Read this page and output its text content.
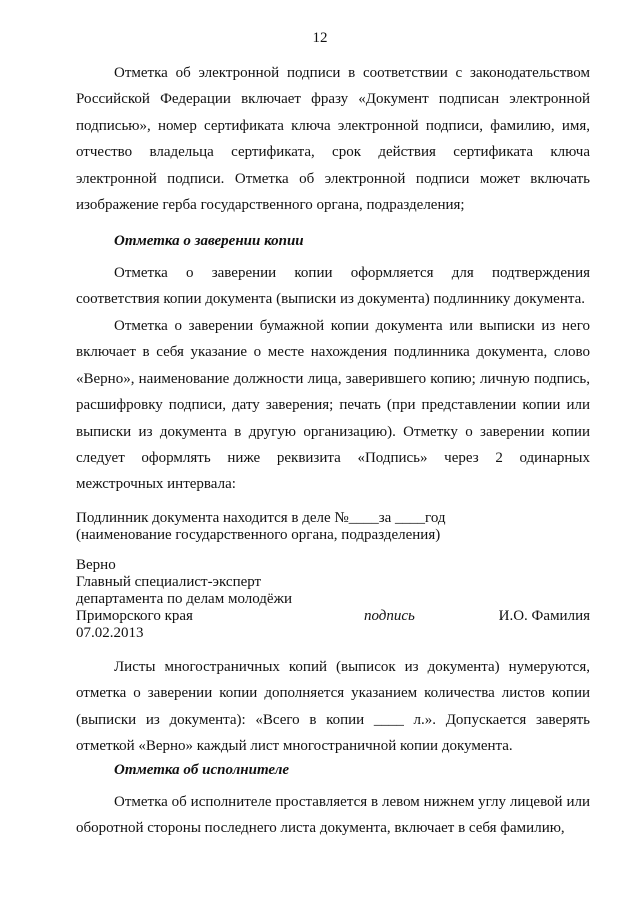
12

Отметка об электронной подписи в соответствии с законодательством Российской Федерации включает фразу «Документ подписан электронной подписью», номер сертификата ключа электронной подписи, фамилию, имя, отчество владельца сертификата, срок действия сертификата ключа электронной подписи. Отметка об электронной подписи может включать изображение герба государственного органа, подразделения;

Отметка о заверении копии

Отметка о заверении копии оформляется для подтверждения соответствия копии документа (выписки из документа) подлиннику документа.

Отметка о заверении бумажной копии документа или выписки из него включает в себя указание о месте нахождения подлинника документа, слово «Верно», наименование должности лица, заверившего копию; личную подпись, расшифровку подписи, дату заверения; печать (при представлении копии или выписки из документа в другую организацию). Отметку о заверении копии следует оформлять ниже реквизита «Подпись» через 2 одинарных межстрочных интервала:

Подлинник документа находится в деле №____за ____год

(наименование государственного органа, подразделения)

Верно

Главный специалист-эксперт

департамента по делам молодёжи

Приморского края	подпись	И.О. Фамилия

07.02.2013

Листы многостраничных копий (выписок из документа) нумеруются, отметка о заверении копии дополняется указанием количества листов копии (выписки из документа): «Всего в копии ____ л.». Допускается заверять отметкой «Верно» каждый лист многостраничной копии документа.

Отметка об исполнителе

Отметка об исполнителе проставляется в левом нижнем углу лицевой или оборотной стороны последнего листа документа, включает в себя фамилию,
